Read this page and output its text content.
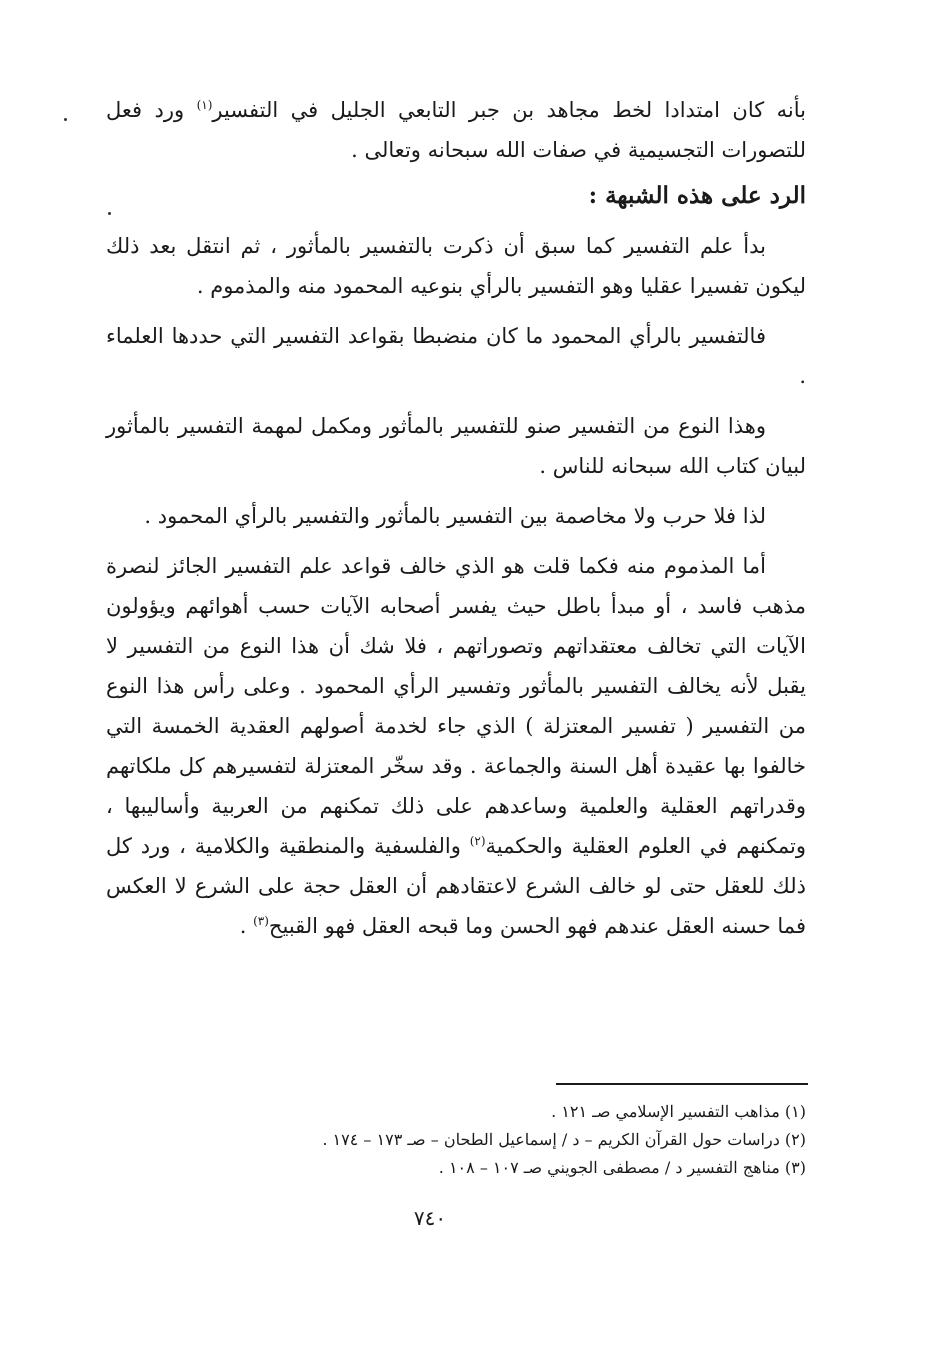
بأنه كان امتدادا لخط مجاهد بن جبر التابعي الجليل في التفسير$^{(١)}$ ورد فعل للتصورات التجسيمية في صفات الله سبحانه وتعالى .

الرد على هذه الشبهة :

بدأ علم التفسير كما سبق أن ذكرت بالتفسير بالمأثور ، ثم انتقل بعد ذلك ليكون تفسيرا عقليا وهو التفسير بالرأي بنوعيه المحمود منه والمذموم .

فالتفسير بالرأي المحمود ما كان منضبطا بقواعد التفسير التي حددها العلماء .

وهذا النوع من التفسير صنو للتفسير بالمأثور ومكمل لمهمة التفسير بالمأثور لبيان كتاب الله سبحانه للناس .

لذا فلا حرب ولا مخاصمة بين التفسير بالمأثور والتفسير بالرأي المحمود .

أما المذموم منه فكما قلت هو الذي خالف قواعد علم التفسير الجائز لنصرة مذهب فاسد ، أو مبدأ باطل حيث يفسر أصحابه الآيات حسب أهوائهم ويؤولون الآيات التي تخالف معتقداتهم وتصوراتهم ، فلا شك أن هذا النوع من التفسير لا يقبل لأنه يخالف التفسير بالمأثور وتفسير الرأي المحمود . وعلى رأس هذا النوع من التفسير ( تفسير المعتزلة ) الذي جاء لخدمة أصولهم العقدية الخمسة التي خالفوا بها عقيدة أهل السنة والجماعة . وقد سخّر المعتزلة لتفسيرهم كل ملكاتهم وقدراتهم العقلية والعلمية وساعدهم على ذلك تمكنهم من العربية وأساليبها ، وتمكنهم في العلوم العقلية والحكمية$^{(٢)}$ والفلسفية والمنطقية والكلامية ، ورد كل ذلك للعقل حتى لو خالف الشرع لاعتقادهم أن العقل حجة على الشرع لا العكس فما حسنه العقل عندهم فهو الحسن وما قبحه العقل فهو القبيح$^{(٣)}$ .

(١) مذاهب التفسير الإسلامي صـ ١٢١ .

(٢) دراسات حول القرآن الكريم – د / إسماعيل الطحان – صـ ١٧٣ – ١٧٤ .

(٣) مناهج التفسير د / مصطفى الجويني صـ ١٠٧ – ١٠٨ .

٧٤٠
